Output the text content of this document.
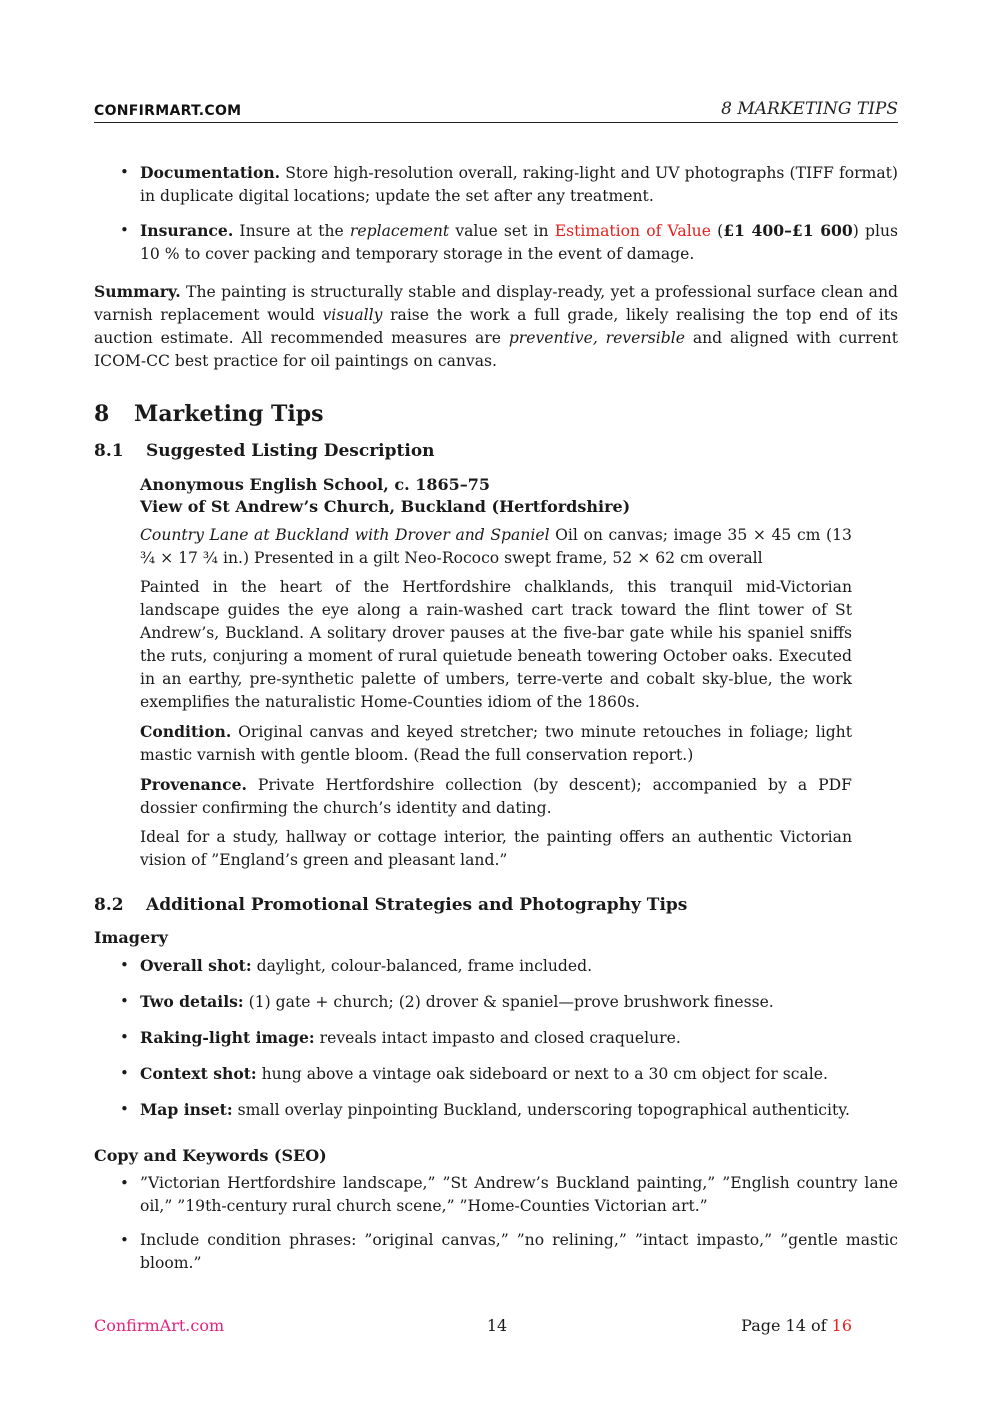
CONFIRMART.COM	8 MARKETING TIPS
• Documentation. Store high-resolution overall, raking-light and UV photographs (TIFF format) in duplicate digital locations; update the set after any treatment.
• Insurance. Insure at the replacement value set in Estimation of Value (£1 400–£1 600) plus 10 % to cover packing and temporary storage in the event of damage.

Summary. The painting is structurally stable and display-ready, yet a professional surface clean and varnish replacement would visually raise the work a full grade, likely realising the top end of its auction estimate. All recommended measures are preventive, reversible and aligned with current ICOM-CC best practice for oil paintings on canvas.

8 Marketing Tips
8.1 Suggested Listing Description
Anonymous English School, c. 1865–75
View of St Andrew’s Church, Buckland (Hertfordshire)

Country Lane at Buckland with Drover and Spaniel Oil on canvas; image 35 × 45 cm (13 ¾ × 17 ¾ in.) Presented in a gilt Neo-Rococo swept frame, 52 × 62 cm overall

Painted in the heart of the Hertfordshire chalklands, this tranquil mid-Victorian landscape guides the eye along a rain-washed cart track toward the flint tower of St Andrew’s, Buckland. A solitary drover pauses at the five-bar gate while his spaniel sniffs the ruts, conjuring a moment of rural quietude beneath towering October oaks. Executed in an earthy, pre-synthetic palette of umbers, terre-verte and cobalt sky-blue, the work exemplifies the naturalistic Home-Counties idiom of the 1860s.

Condition. Original canvas and keyed stretcher; two minute retouches in foliage; light mastic varnish with gentle bloom. (Read the full conservation report.)

Provenance. Private Hertfordshire collection (by descent); accompanied by a PDF dossier confirming the church’s identity and dating.

Ideal for a study, hallway or cottage interior, the painting offers an authentic Victorian vision of ”England’s green and pleasant land.”

8.2 Additional Promotional Strategies and Photography Tips
Imagery
• Overall shot: daylight, colour-balanced, frame included.
• Two details: (1) gate + church; (2) drover & spaniel—prove brushwork finesse.
• Raking-light image: reveals intact impasto and closed craquelure.
• Context shot: hung above a vintage oak sideboard or next to a 30 cm object for scale.
• Map inset: small overlay pinpointing Buckland, underscoring topographical authenticity.
Copy and Keywords (SEO)
• ”Victorian Hertfordshire landscape,” ”St Andrew’s Buckland painting,” ”English country lane oil,” ”19th-century rural church scene,” ”Home-Counties Victorian art.”
• Include condition phrases: ”original canvas,” ”no relining,” ”intact impasto,” ”gentle mastic bloom.”
ConfirmArt.com	14	Page 14 of 16
